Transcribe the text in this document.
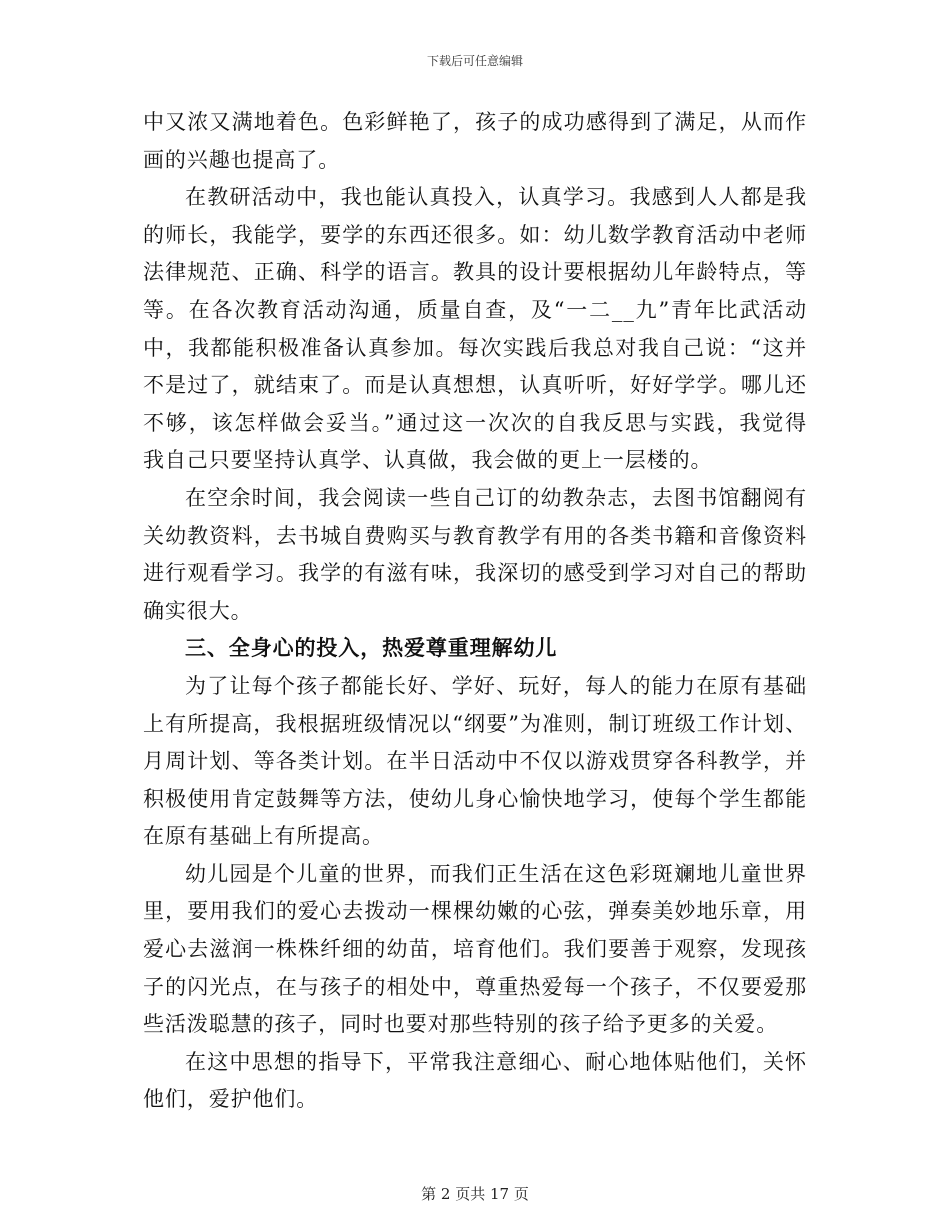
下载后可任意编辑
中又浓又满地着色。色彩鲜艳了，孩子的成功感得到了满足，从而作
画的兴趣也提高了。
在教研活动中，我也能认真投入，认真学习。我感到人人都是我
的师长，我能学，要学的东西还很多。如：幼儿数学教育活动中老师
法律规范、正确、科学的语言。教具的设计要根据幼儿年龄特点，等
等。在各次教育活动沟通，质量自查，及“一二__九”青年比武活动
中，我都能积极准备认真参加。每次实践后我总对我自己说：“这并
不是过了，就结束了。而是认真想想，认真听听，好好学学。哪儿还
不够，该怎样做会妥当。”通过这一次次的自我反思与实践，我觉得
我自己只要坚持认真学、认真做，我会做的更上一层楼的。
在空余时间，我会阅读一些自己订的幼教杂志，去图书馆翻阅有
关幼教资料，去书城自费购买与教育教学有用的各类书籍和音像资料
进行观看学习。我学的有滋有味，我深切的感受到学习对自己的帮助
确实很大。
三、全身心的投入，热爱尊重理解幼儿
为了让每个孩子都能长好、学好、玩好，每人的能力在原有基础
上有所提高，我根据班级情况以“纲要”为准则，制订班级工作计划、
月周计划、等各类计划。在半日活动中不仅以游戏贯穿各科教学，并
积极使用肯定鼓舞等方法，使幼儿身心愉快地学习，使每个学生都能
在原有基础上有所提高。
幼儿园是个儿童的世界，而我们正生活在这色彩斑斓地儿童世界
里，要用我们的爱心去拨动一棵棵幼嫩的心弦，弹奏美妙地乐章，用
爱心去滋润一株株纤细的幼苗，培育他们。我们要善于观察，发现孩
子的闪光点，在与孩子的相处中，尊重热爱每一个孩子，不仅要爱那
些活泼聪慧的孩子，同时也要对那些特别的孩子给予更多的关爱。
在这中思想的指导下，平常我注意细心、耐心地体贴他们，关怀
他们，爱护他们。
第 2 页共 17 页
